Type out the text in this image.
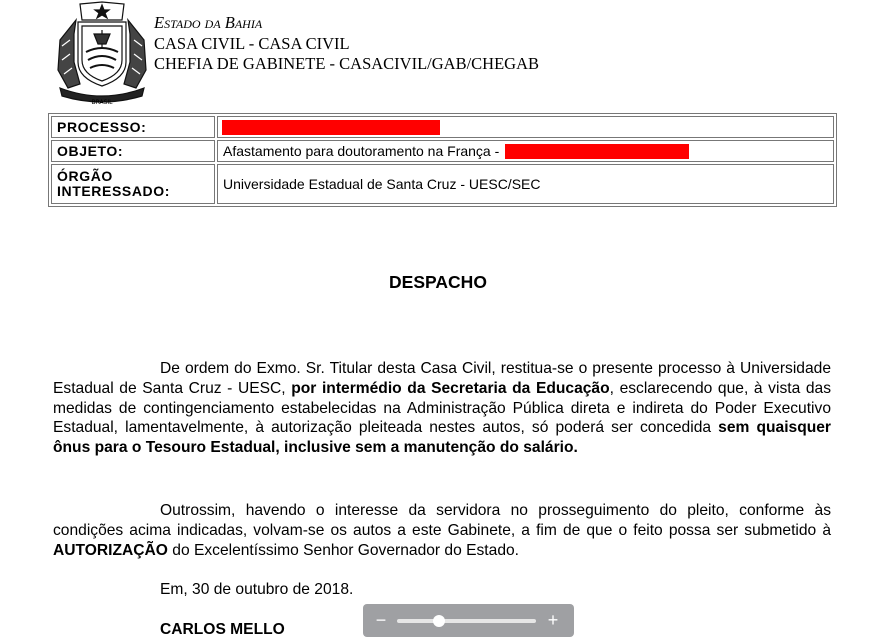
BRASIL
Estado da Bahia
CASA CIVIL - CASA CIVIL
CHEFIA DE GABINETE - CASACIVIL/GAB/CHEGAB
PROCESSO:	
OBJETO:	Afastamento para doutoramento na França -

ÓRGÃO
INTERESSADO:	Universidade Estadual de Santa Cruz - UESC/SEC
DESPACHO
De ordem do Exmo. Sr. Titular desta Casa Civil, restitua-se o presente processo à Universidade Estadual de Santa Cruz - UESC, por intermédio da Secretaria da Educação, esclarecendo que, à vista das medidas de contingenciamento estabelecidas na Administração Pública direta e indireta do Poder Executivo Estadual, lamentavelmente, à autorização pleiteada nestes autos, só poderá ser concedida sem quaisquer ônus para o Tesouro Estadual, inclusive sem a manutenção do salário.
Outrossim, havendo o interesse da servidora no prosseguimento do pleito, conforme às condições acima indicadas, volvam-se os autos a este Gabinete, a fim de que o feito possa ser submetido à AUTORIZAÇÃO do Excelentíssimo Senhor Governador do Estado.
Em, 30 de outubro de 2018.
CARLOS MELLO	−	+
